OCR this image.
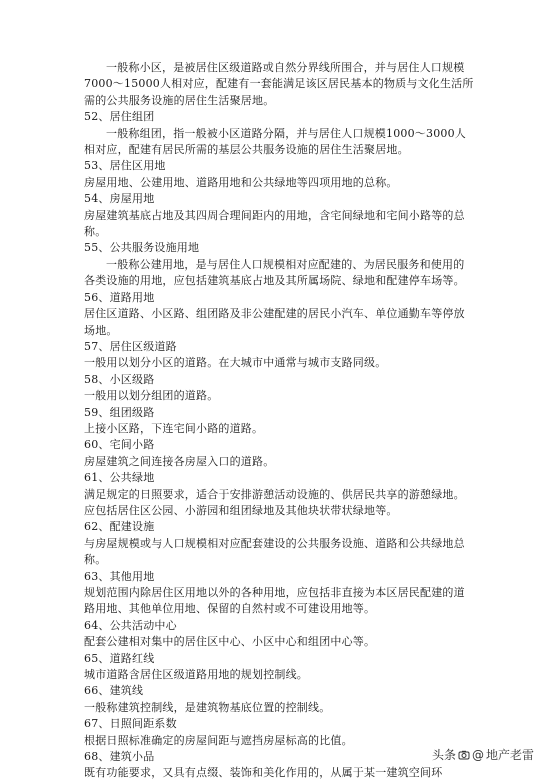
一般称小区，是被居住区级道路或自然分界线所围合，并与居住人口规模7000～15000人相对应，配建有一套能满足该区居民基本的物质与文化生活所需的公共服务设施的居住生活聚居地。

52、居住组团

一般称组团，指一般被小区道路分隔，并与居住人口规模1000～3000人相对应，配建有居民所需的基层公共服务设施的居住生活聚居地。

53、居住区用地

房屋用地、公建用地、道路用地和公共绿地等四项用地的总称。

54、房屋用地

房屋建筑基底占地及其四周合理间距内的用地，含宅间绿地和宅间小路等的总称。

55、公共服务设施用地

一般称公建用地，是与居住人口规模相对应配建的、为居民服务和使用的各类设施的用地，应包括建筑基底占地及其所属场院、绿地和配建停车场等。

56、道路用地

居住区道路、小区路、组团路及非公建配建的居民小汽车、单位通勤车等停放场地。

57、居住区级道路

一般用以划分小区的道路。在大城市中通常与城市支路同级。

58、小区级路

一般用以划分组团的道路。

59、组团级路

上接小区路，下连宅间小路的道路。

60、宅间小路

房屋建筑之间连接各房屋入口的道路。

61、公共绿地

满足规定的日照要求，适合于安排游憩活动设施的、供居民共享的游憩绿地。应包括居住区公园、小游园和组团绿地及其他块状带状绿地等。

62、配建设施

与房屋规模或与人口规模相对应配套建设的公共服务设施、道路和公共绿地总称。

63、其他用地

规划范围内除居住区用地以外的各种用地，应包括非直接为本区居民配建的道路用地、其他单位用地、保留的自然村或不可建设用地等。

64、公共活动中心

配套公建相对集中的居住区中心、小区中心和组团中心等。

65、道路红线

城市道路含居住区级道路用地的规划控制线。

66、建筑线

一般称建筑控制线，是建筑物基底位置的控制线。

67、日照间距系数

根据日照标准确定的房屋间距与遮挡房屋标高的比值。

68、建筑小品

既有功能要求，又具有点缀、装饰和美化作用的，从属于某一建筑空间环

头条 @ 地产老雷
